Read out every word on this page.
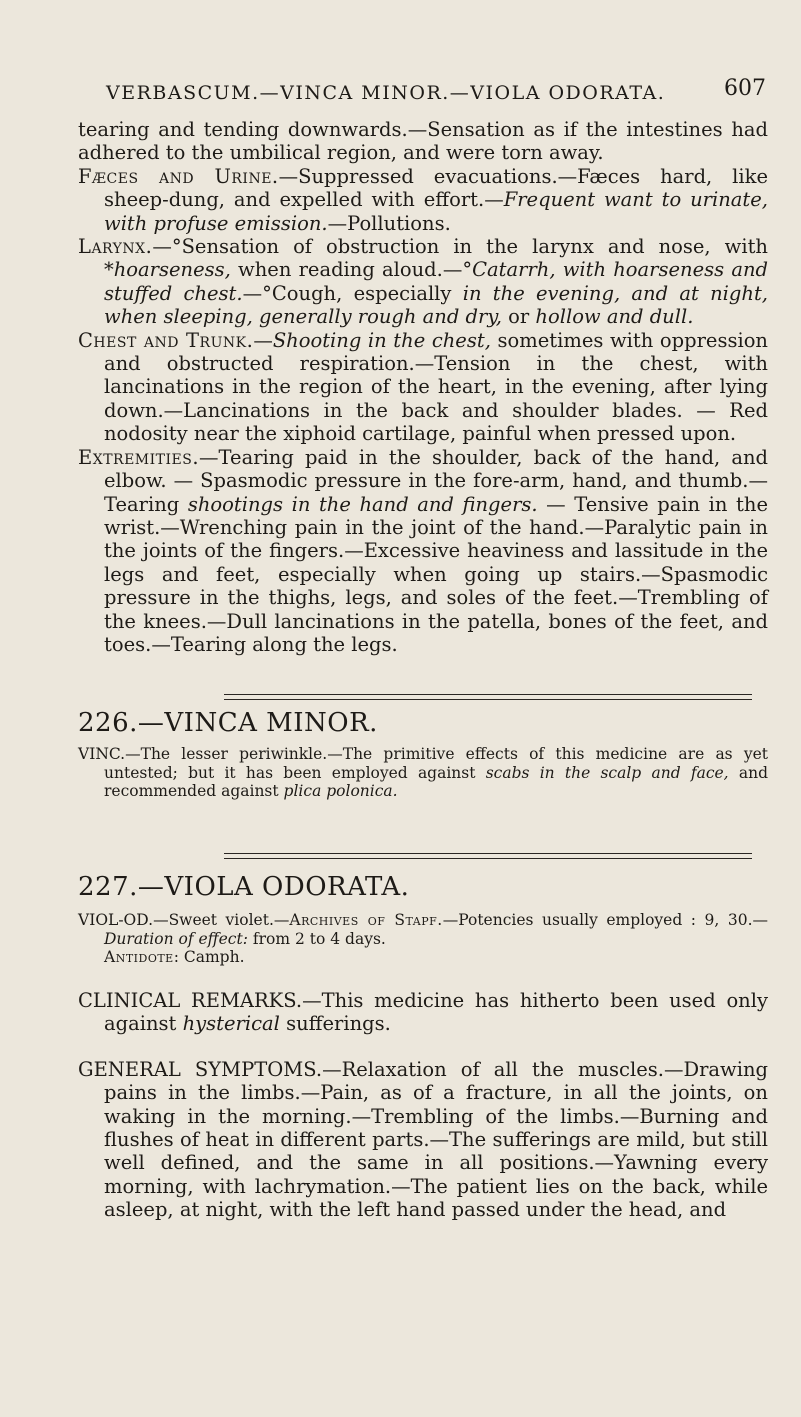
VERBASCUM.—VINCA MINOR.—VIOLA ODORATA.	607

tearing and tending downwards.—Sensation as if the intestines had adhered to the umbilical region, and were torn away.

Fæces and Urine.—Suppressed evacuations.—Fæces hard, like sheep-dung, and expelled with effort.—Frequent want to urinate, with profuse emission.—Pollutions.

Larynx.—°Sensation of obstruction in the larynx and nose, with *hoarseness, when reading aloud.—°Catarrh, with hoarseness and stuffed chest.—°Cough, especially in the evening, and at night, when sleeping, generally rough and dry, or hollow and dull.

Chest and Trunk.—Shooting in the chest, sometimes with oppression and obstructed respiration.—Tension in the chest, with lancinations in the region of the heart, in the evening, after lying down.—Lancinations in the back and shoulder blades. — Red nodosity near the xiphoid cartilage, painful when pressed upon.

Extremities.—Tearing paid in the shoulder, back of the hand, and elbow. — Spasmodic pressure in the fore-arm, hand, and thumb.—Tearing shootings in the hand and fingers. — Tensive pain in the wrist.—Wrenching pain in the joint of the hand.—Paralytic pain in the joints of the fingers.—Excessive heaviness and lassitude in the legs and feet, especially when going up stairs.—Spasmodic pressure in the thighs, legs, and soles of the feet.—Trembling of the knees.—Dull lancinations in the patella, bones of the feet, and toes.—Tearing along the legs.

226.—VINCA MINOR.

VINC.—The lesser periwinkle.—The primitive effects of this medicine are as yet untested; but it has been employed against scabs in the scalp and face, and recommended against plica polonica.

227.—VIOLA ODORATA.

VIOL-OD.—Sweet violet.—Archives of Stapf.—Potencies usually employed : 9, 30.—Duration of effect: from 2 to 4 days.
Antidote: Camph.

CLINICAL REMARKS.—This medicine has hitherto been used only against hysterical sufferings.

GENERAL SYMPTOMS.—Relaxation of all the muscles.—Drawing pains in the limbs.—Pain, as of a fracture, in all the joints, on waking in the morning.—Trembling of the limbs.—Burning and flushes of heat in different parts.—The sufferings are mild, but still well defined, and the same in all positions.—Yawning every morning, with lachrymation.—The patient lies on the back, while asleep, at night, with the left hand passed under the head, and
